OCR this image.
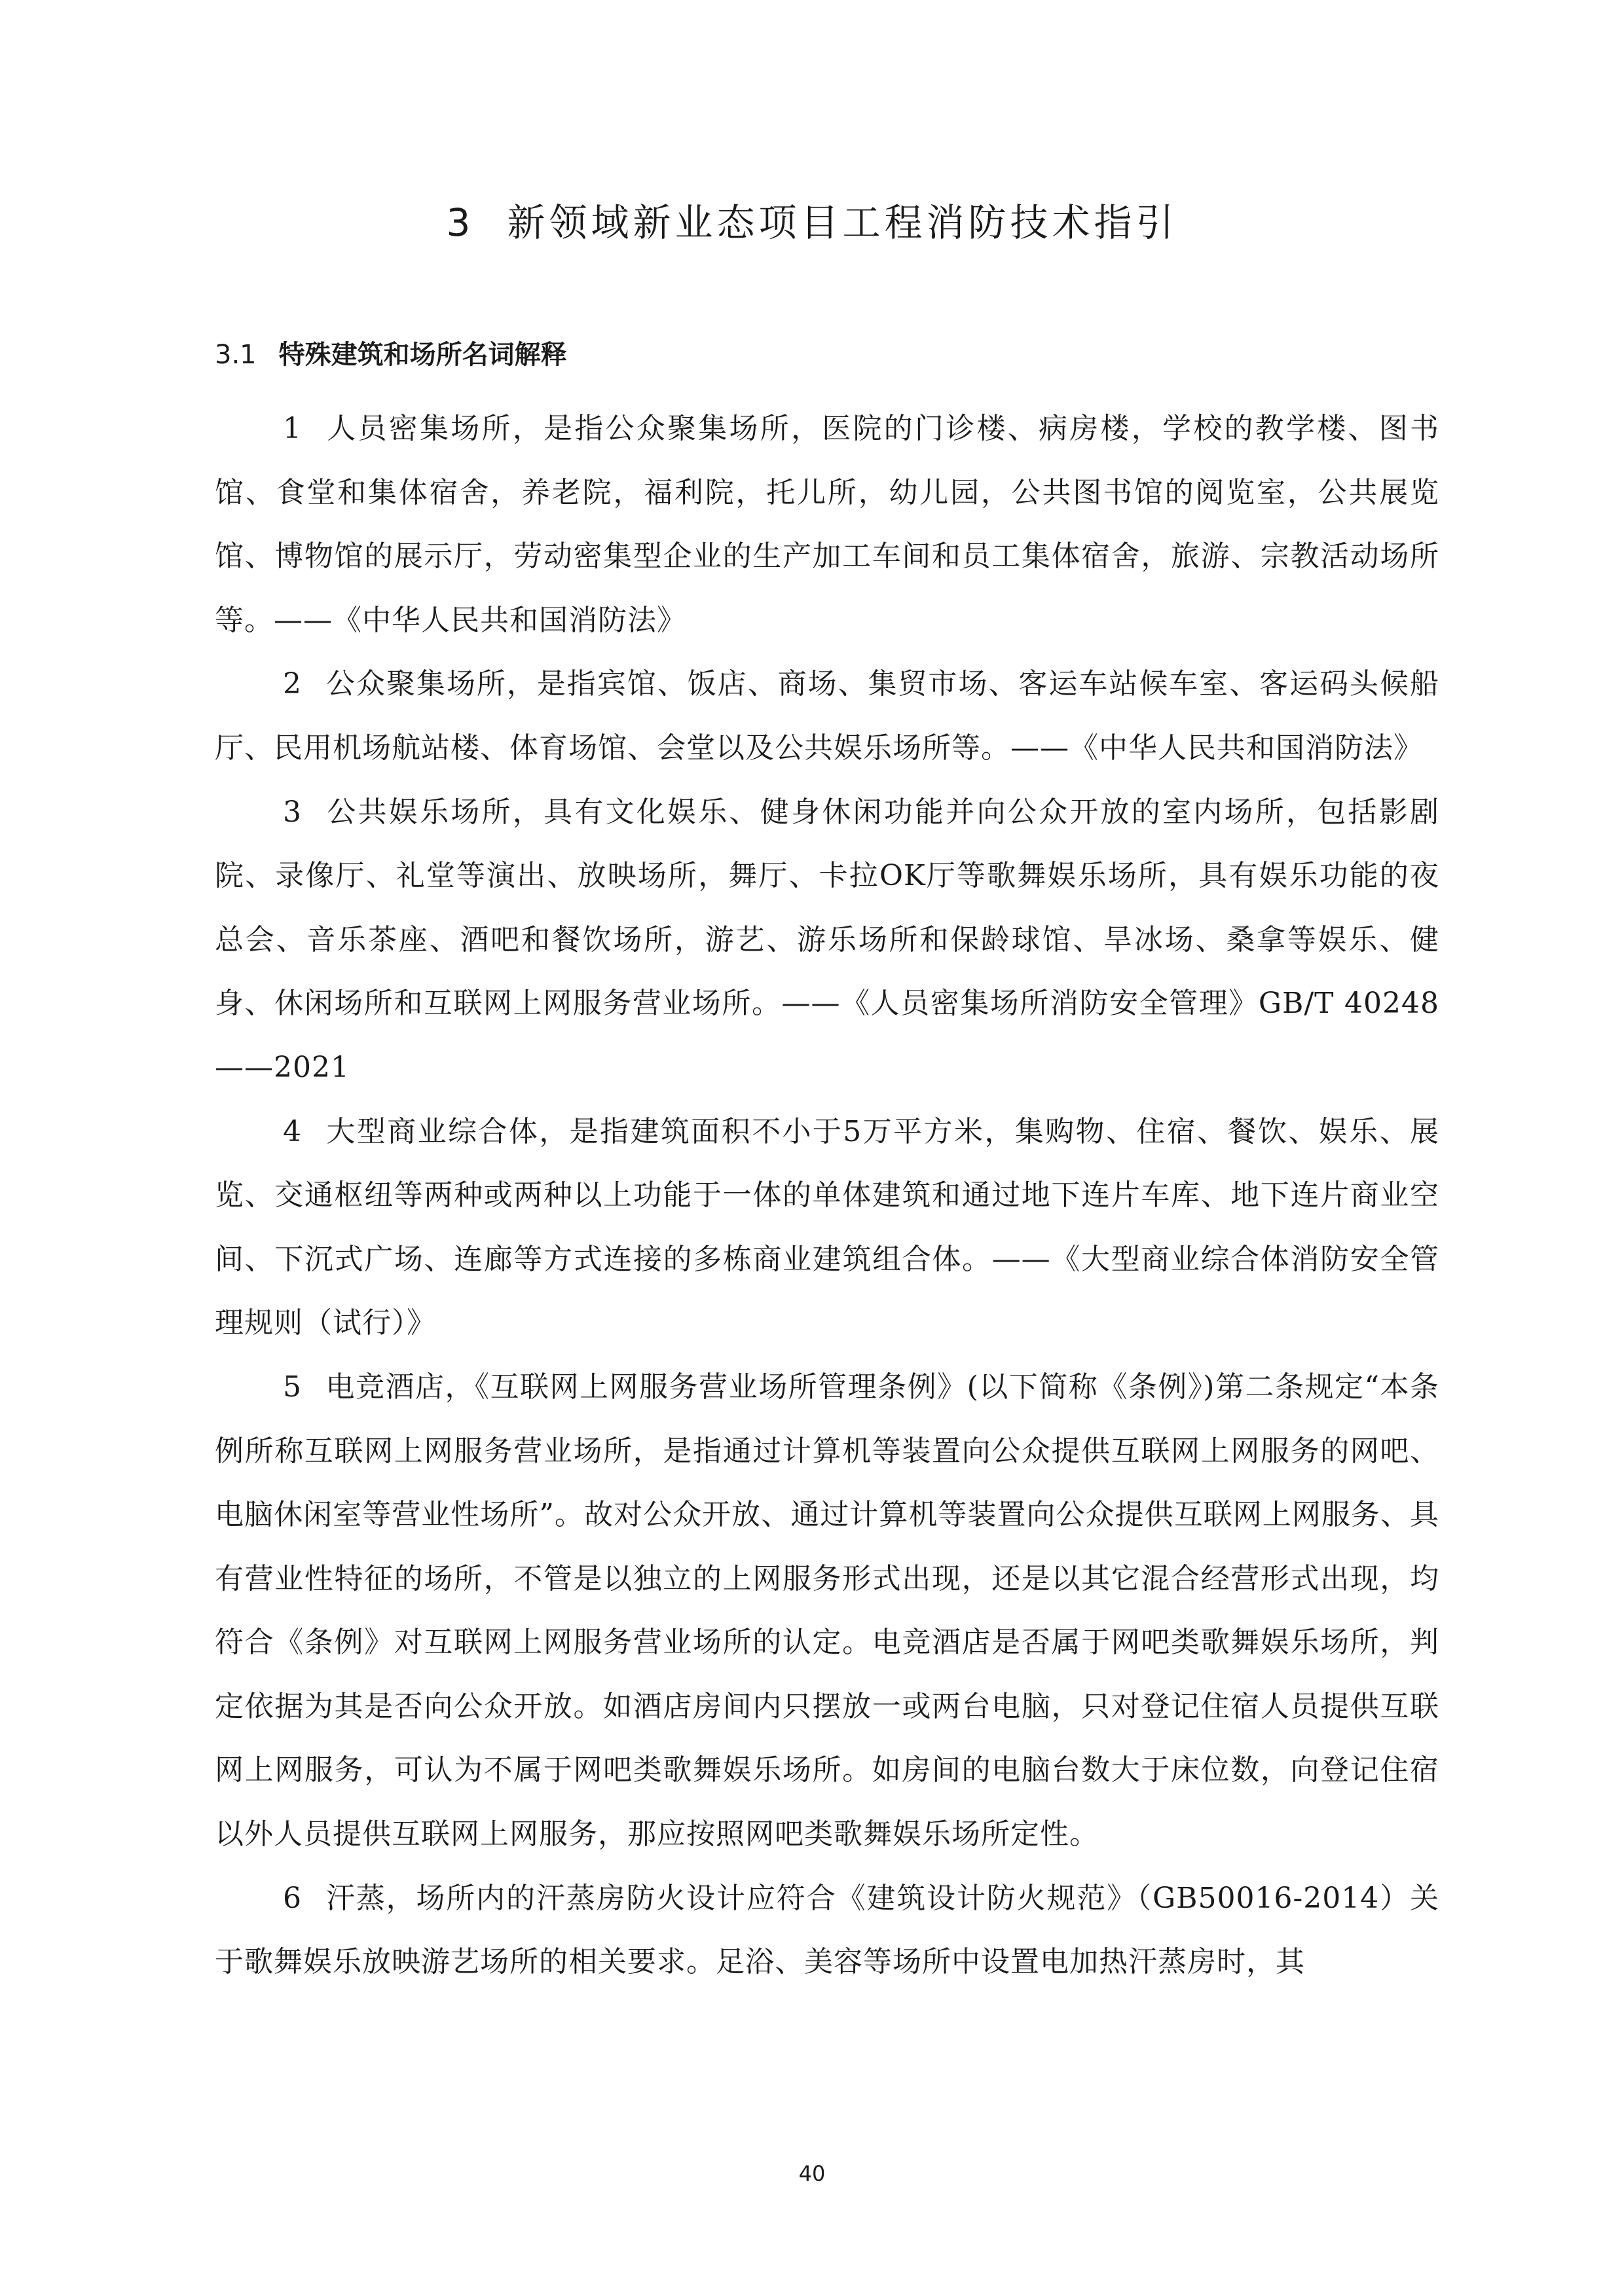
3 新领域新业态项目工程消防技术指引
3.1 特殊建筑和场所名词解释

1 人员密集场所，是指公众聚集场所，医院的门诊楼、病房楼，学校的教学楼、图书馆、食堂和集体宿舍，养老院，福利院，托儿所，幼儿园，公共图书馆的阅览室，公共展览馆、博物馆的展示厅，劳动密集型企业的生产加工车间和员工集体宿舍，旅游、宗教活动场所等。——《中华人民共和国消防法》

2 公众聚集场所，是指宾馆、饭店、商场、集贸市场、客运车站候车室、客运码头候船厅、民用机场航站楼、体育场馆、会堂以及公共娱乐场所等。——《中华人民共和国消防法》

3 公共娱乐场所，具有文化娱乐、健身休闲功能并向公众开放的室内场所，包括影剧院、录像厅、礼堂等演出、放映场所，舞厅、卡拉OK厅等歌舞娱乐场所，具有娱乐功能的夜总会、音乐茶座、酒吧和餐饮场所，游艺、游乐场所和保龄球馆、旱冰场、桑拿等娱乐、健身、休闲场所和互联网上网服务营业场所。——《人员密集场所消防安全管理》GB/T 40248——2021

4 大型商业综合体，是指建筑面积不小于5万平方米，集购物、住宿、餐饮、娱乐、展览、交通枢纽等两种或两种以上功能于一体的单体建筑和通过地下连片车库、地下连片商业空间、下沉式广场、连廊等方式连接的多栋商业建筑组合体。——《大型商业综合体消防安全管理规则（试行）》

5 电竞酒店，《互联网上网服务营业场所管理条例》(以下简称《条例》)第二条规定“本条例所称互联网上网服务营业场所，是指通过计算机等装置向公众提供互联网上网服务的网吧、电脑休闲室等营业性场所”。故对公众开放、通过计算机等装置向公众提供互联网上网服务、具有营业性特征的场所，不管是以独立的上网服务形式出现，还是以其它混合经营形式出现，均符合《条例》对互联网上网服务营业场所的认定。电竞酒店是否属于网吧类歌舞娱乐场所，判定依据为其是否向公众开放。如酒店房间内只摆放一或两台电脑，只对登记住宿人员提供互联网上网服务，可认为不属于网吧类歌舞娱乐场所。如房间的电脑台数大于床位数，向登记住宿以外人员提供互联网上网服务，那应按照网吧类歌舞娱乐场所定性。

6 汗蒸，场所内的汗蒸房防火设计应符合《建筑设计防火规范》（GB50016-2014）关于歌舞娱乐放映游艺场所的相关要求。足浴、美容等场所中设置电加热汗蒸房时，其

40
